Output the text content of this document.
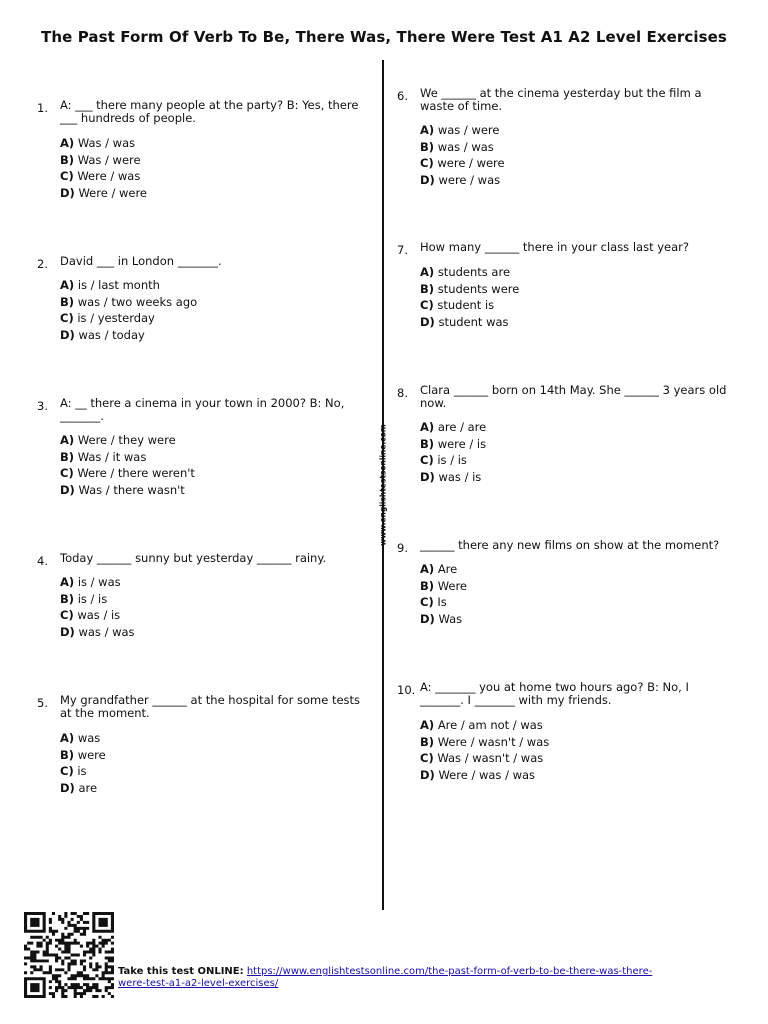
The Past Form Of Verb To Be, There Was, There Were Test A1 A2 Level Exercises
www.englishtestsonline.com
1. A: ___ there many people at the party? B: Yes, there ___ hundreds of people.
A) Was / was
B) Was / were
C) Were / was
D) Were / were
2. David ___ in London _______.
A) is / last month
B) was / two weeks ago
C) is / yesterday
D) was / today
3. A: __ there a cinema in your town in 2000? B: No, _______.
A) Were / they were
B) Was / it was
C) Were / there weren't
D) Was / there wasn't
4. Today ______ sunny but yesterday ______ rainy.
A) is / was
B) is / is
C) was / is
D) was / was
5. My grandfather ______ at the hospital for some tests at the moment.
A) was
B) were
C) is
D) are
6. We ______ at the cinema yesterday but the film a waste of time.
A) was / were
B) was / was
C) were / were
D) were / was
7. How many ______ there in your class last year?
A) students are
B) students were
C) student is
D) student was
8. Clara ______ born on 14th May. She ______ 3 years old now.
A) are / are
B) were / is
C) is / is
D) was / is
9. ______ there any new films on show at the moment?
A) Are
B) Were
C) Is
D) Was
10. A: _______ you at home two hours ago? B: No, I _______. I _______ with my friends.
A) Are / am not / was
B) Were / wasn't / was
C) Was / wasn't / was
D) Were / was / was
Take this test ONLINE: https://www.englishtestsonline.com/the-past-form-of-verb-to-be-there-was-there-were-test-a1-a2-level-exercises/
